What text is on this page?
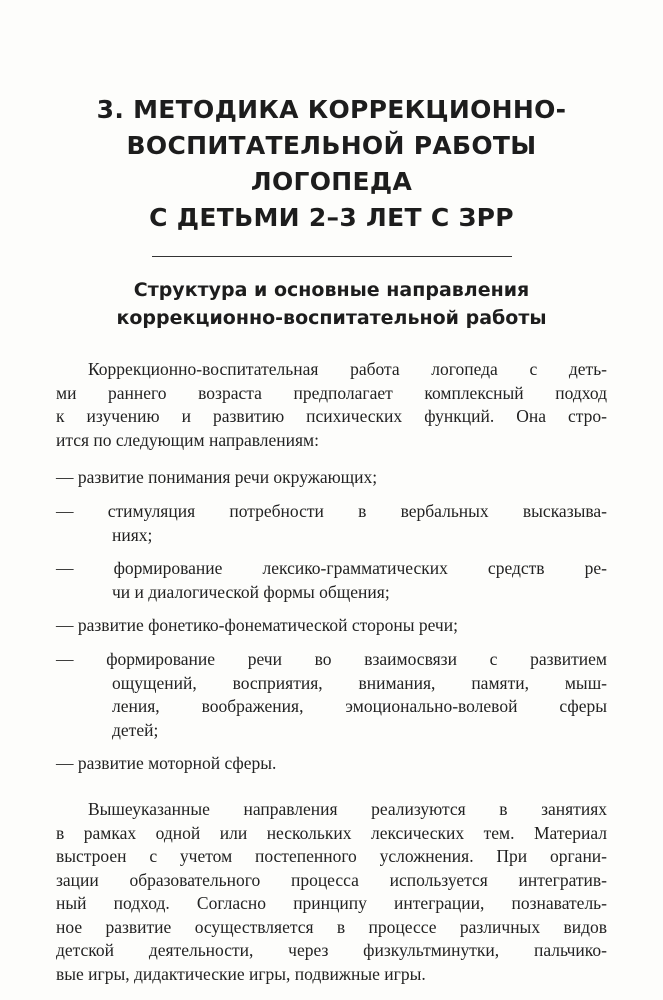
3. МЕТОДИКА КОРРЕКЦИОННО-
ВОСПИТАТЕЛЬНОЙ РАБОТЫ ЛОГОПЕДА
С ДЕТЬМИ 2–3 ЛЕТ С ЗРР
Структура и основные направления
коррекционно-воспитательной работы

Коррекционно-воспитательная работа логопеда с деть-
ми раннего возраста предполагает комплексный подход
к изучению и развитию психических функций. Она стро-
ится по следующим направлениям:

— развитие понимания речи окружающих;
— стимуляция потребности в вербальных высказыва-
ниях;
— формирование лексико-грамматических средств ре-
чи и диалогической формы общения;
— развитие фонетико-фонематической стороны речи;
— формирование речи во взаимосвязи с развитием
ощущений, восприятия, внимания, памяти, мыш-
ления, воображения, эмоционально-волевой сферы
детей;
— развитие моторной сферы.

Вышеуказанные направления реализуются в занятиях
в рамках одной или нескольких лексических тем. Материал
выстроен с учетом постепенного усложнения. При органи-
зации образовательного процесса используется интегратив-
ный подход. Согласно принципу интеграции, познаватель-
ное развитие осуществляется в процессе различных видов
детской деятельности, через физкультминутки, пальчико-
вые игры, дидактические игры, подвижные игры.
